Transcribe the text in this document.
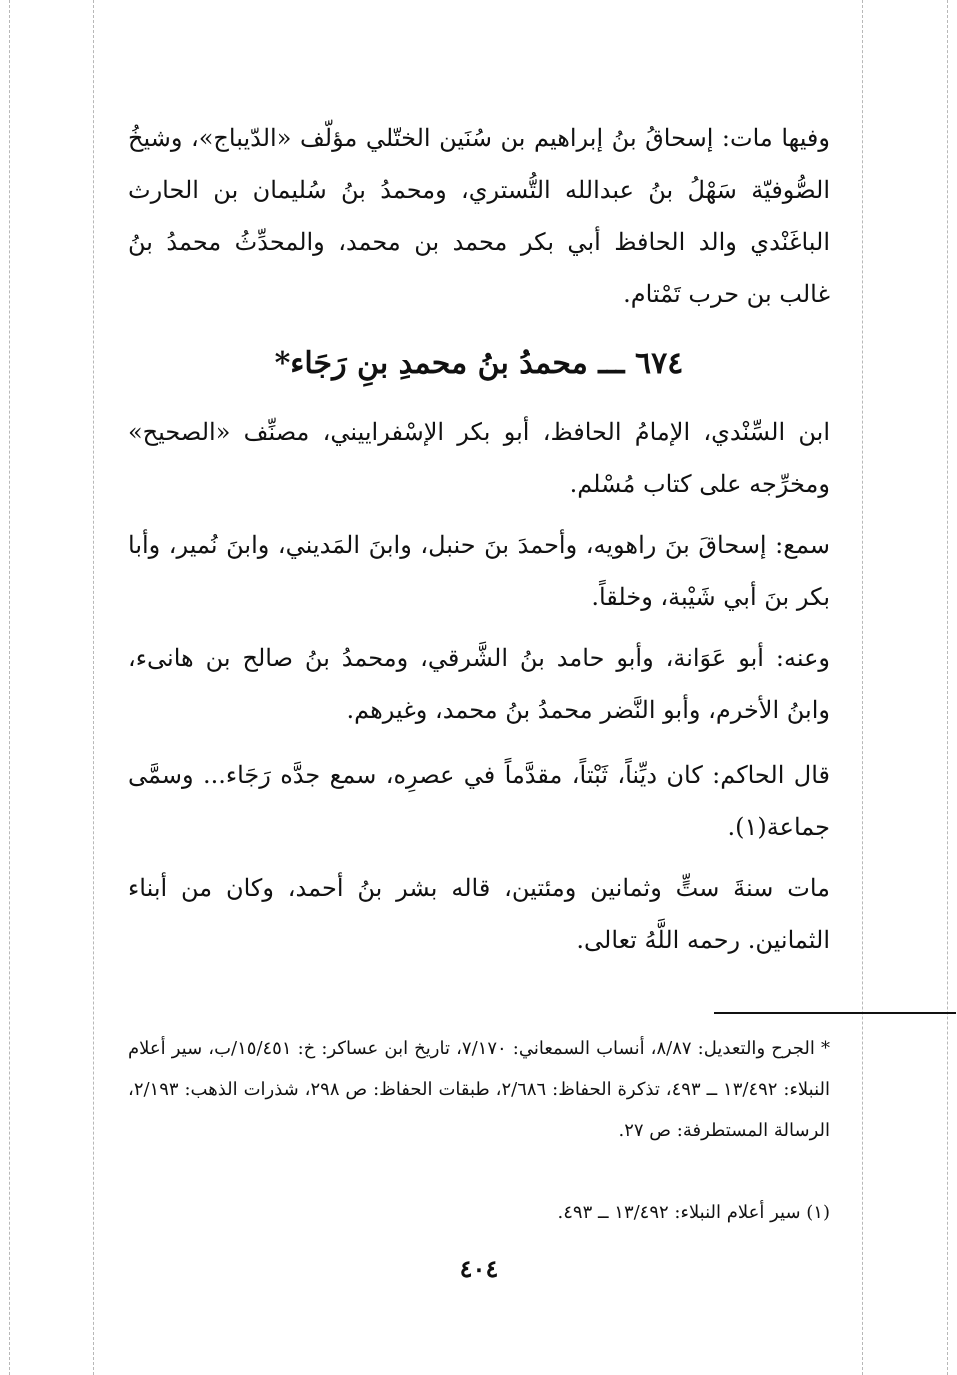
وفيها مات: إسحاقُ بنُ إبراهيم بن سُنَين الختّلي مؤلّف «الدّيباج»، وشيخُ الصُّوفيّة سَهْلُ بنُ عبدالله التُّستري، ومحمدُ بنُ سُليمان بن الحارث الباغَنْدي والد الحافظ أبي بكر محمد بن محمد، والمحدِّثُ محمدُ بنُ غالب بن حرب تَمْتام.

٦٧٤ ـــ محمدُ بنُ محمدِ بنِ رَجَاء*

ابن السِّنْدي، الإمامُ الحافظ، أبو بكر الإسْفراييني، مصنِّف «الصحيح» ومخرِّجه على كتاب مُسْلم.

سمع: إسحاقَ بنَ راهويه، وأحمدَ بنَ حنبل، وابنَ المَديني، وابنَ نُمير، وأبا بكر بنَ أبي شَيْبة، وخلقاً.

وعنه: أبو عَوَانة، وأبو حامد بنُ الشَّرقي، ومحمدُ بنُ صالح بن هانىء، وابنُ الأخرم، وأبو النَّضر محمدُ بنُ محمد، وغيرهم.

قال الحاكم: كان ديِّناً، ثَبْتاً، مقدَّماً في عصرِه، سمع جدَّه رَجَاء... وسمَّى جماعة(١).

مات سنةَ ستٍّ وثمانين ومئتين، قاله بشر بنُ أحمد، وكان من أبناء الثمانين. رحمه اللَّهُ تعالى.

* الجرح والتعديل: ٨/٨٧، أنساب السمعاني: ٧/١٧٠، تاريخ ابن عساكر: خ: ١٥/٤٥١/ب، سير أعلام النبلاء: ١٣/٤٩٢ ــ ٤٩٣، تذكرة الحفاظ: ٢/٦٨٦، طبقات الحفاظ: ص ٢٩٨، شذرات الذهب: ٢/١٩٣، الرسالة المستطرفة: ص ٢٧.

(١) سير أعلام النبلاء: ١٣/٤٩٢ ــ ٤٩٣.

٤٠٤
